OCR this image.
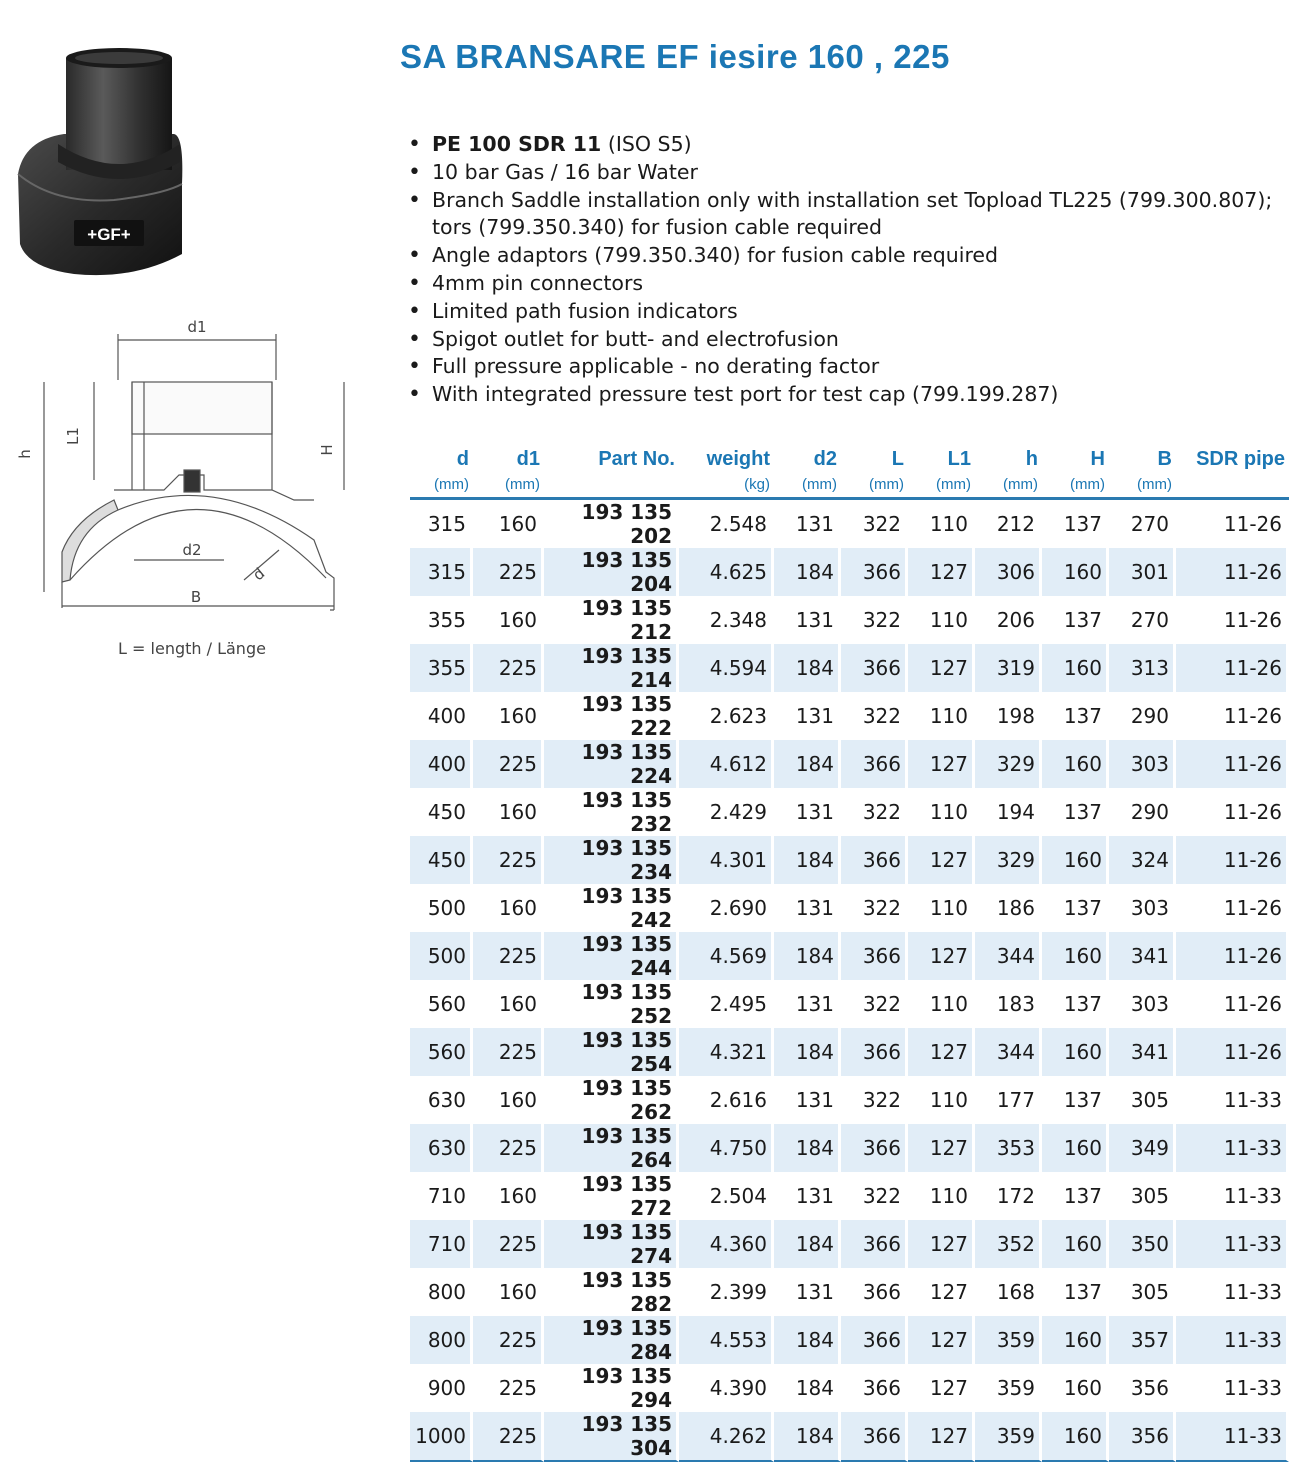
SA BRANSARE EF iesire 160 , 225
+GF+
d1
L1
h	H
d2
d
B
L = length / Länge
• PE 100 SDR 11 (ISO S5)
• 10 bar Gas / 16 bar Water
• Branch Saddle installation only with installation set Topload TL225 (799.300.807);
tors (799.350.340) for fusion cable required
• Angle adaptors (799.350.340) for fusion cable required
• 4mm pin connectors
• Limited path fusion indicators
• Spigot outlet for butt- and electrofusion
• Full pressure applicable - no derating factor
• With integrated pressure test port for test cap (799.199.287)
d	d1	Part No.	weight	d2	L	L1	h	H	B	SDR pipe
(mm)	(mm)		(kg)	(mm)	(mm)	(mm)	(mm)	(mm)	(mm)	
315	160	193 135 202	2.548	131	322	110	212	137	270	11-26
315	225	193 135 204	4.625	184	366	127	306	160	301	11-26
355	160	193 135 212	2.348	131	322	110	206	137	270	11-26
355	225	193 135 214	4.594	184	366	127	319	160	313	11-26
400	160	193 135 222	2.623	131	322	110	198	137	290	11-26
400	225	193 135 224	4.612	184	366	127	329	160	303	11-26
450	160	193 135 232	2.429	131	322	110	194	137	290	11-26
450	225	193 135 234	4.301	184	366	127	329	160	324	11-26
500	160	193 135 242	2.690	131	322	110	186	137	303	11-26
500	225	193 135 244	4.569	184	366	127	344	160	341	11-26
560	160	193 135 252	2.495	131	322	110	183	137	303	11-26
560	225	193 135 254	4.321	184	366	127	344	160	341	11-26
630	160	193 135 262	2.616	131	322	110	177	137	305	11-33
630	225	193 135 264	4.750	184	366	127	353	160	349	11-33
710	160	193 135 272	2.504	131	322	110	172	137	305	11-33
710	225	193 135 274	4.360	184	366	127	352	160	350	11-33
800	160	193 135 282	2.399	131	366	127	168	137	305	11-33
800	225	193 135 284	4.553	184	366	127	359	160	357	11-33
900	225	193 135 294	4.390	184	366	127	359	160	356	11-33
1000	225	193 135 304	4.262	184	366	127	359	160	356	11-33
